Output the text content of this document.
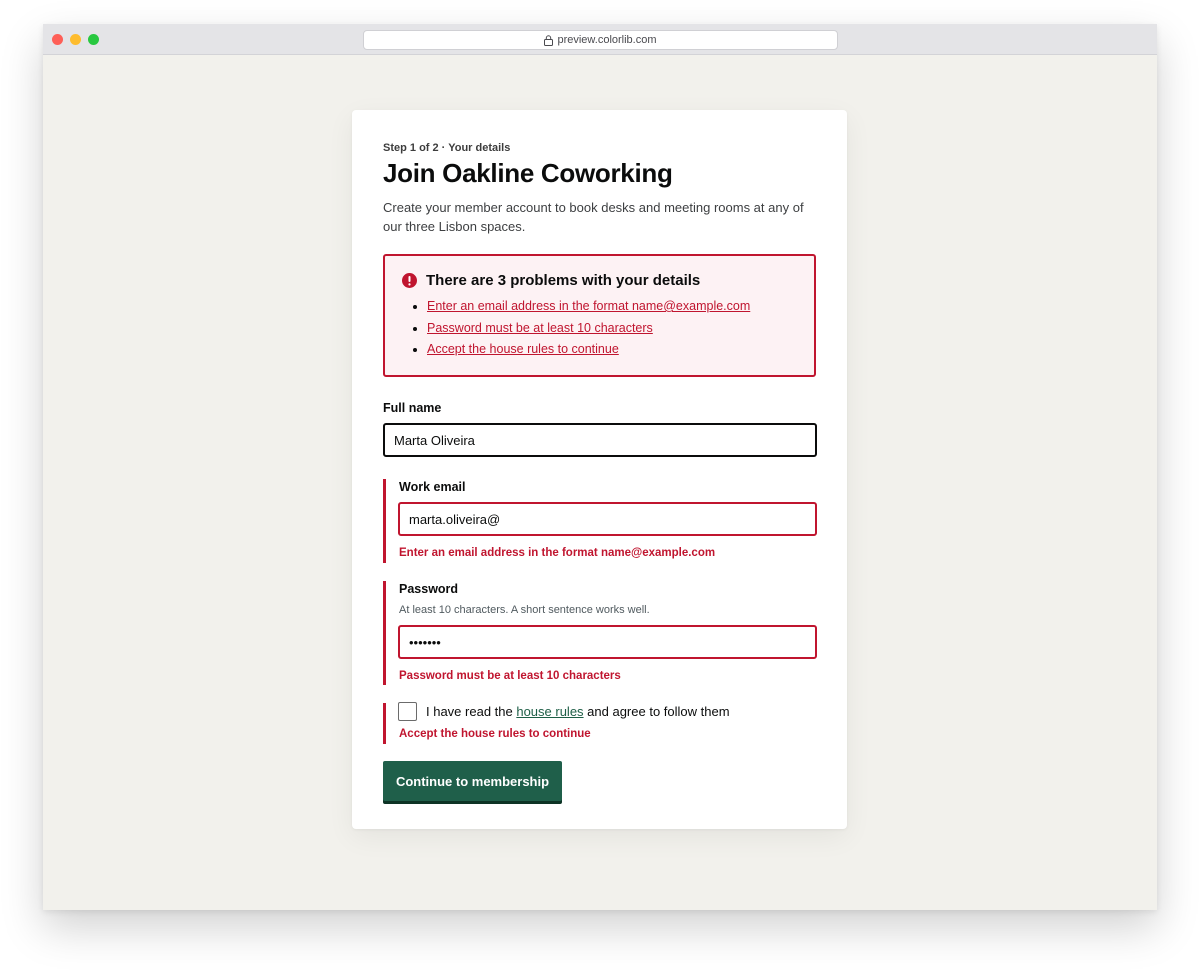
preview.colorlib.com
Step 1 of 2 · Your details
Join Oakline Coworking

Create your member account to book desks and meeting rooms at any of our three Lisbon spaces.

There are 3 problems with your details
• Enter an email address in the format name@example.com
• Password must be at least 10 characters
• Accept the house rules to continue
Full name
Marta Oliveira
Work email
marta.oliveira@
Enter an email address in the format name@example.com
Password
At least 10 characters. A short sentence works well.
•••••••
Password must be at least 10 characters
I have read the house rules and agree to follow them
Accept the house rules to continue
Continue to membership
